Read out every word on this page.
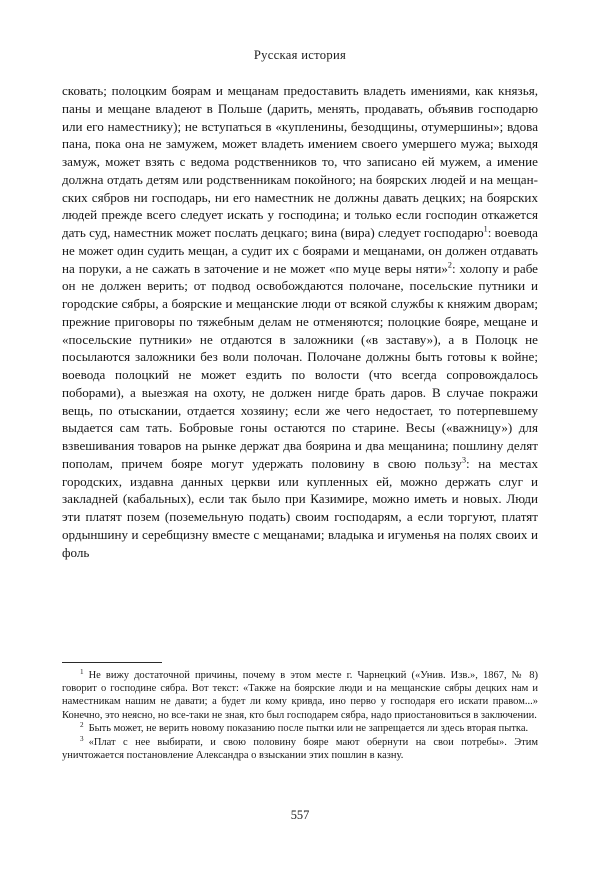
Русская история

сковать; полоцким боярам и мещанам предоставить владеть имениями, как князья, паны и мещане владеют в Польше (дарить, менять, продавать, объявив господарю или его наместнику); не вступаться в «купленины, безодщины, отумершины»; вдова пана, пока она не замужем, может владеть имением своего умершего мужа; выходя замуж, может взять с ведома родственников то, что записано ей мужем, а имение должна отдать детям или родственникам покойного; на боярских людей и на мещанских сябров ни господарь, ни его наместник не должны давать децких; на боярских людей прежде всего следует искать у господина; и только если господин откажется дать суд, наместник может послать децкаго; вина (вира) следует господарю$^1$: воевода не может один судить мещан, а судит их с боярами и мещанами, он должен отдавать на поруки, а не сажать в заточение и не может «по муце веры няти»$^2$: холопу и рабе он не должен верить; от подвод освобождаются полочане, посельские путники и городские сябры, а боярские и мещанские люди от всякой службы к княжим дворам; прежние приговоры по тяжебным делам не отменяются; полоцкие бояре, мещане и «посельские путники» не отдаются в заложники («в заставу»), а в Полоцк не посылаются заложники без воли полочан. Полочане должны быть готовы к войне; воевода полоцкий не может ездить по волости (что всегда сопровождалось поборами), а выезжая на охоту, не должен нигде брать даров. В случае покражи вещь, по отыскании, отдается хозяину; если же чего недостает, то потерпевшему выдается сам тать. Бобровые гоны остаются по старине. Весы («важницу») для взвешивания товаров на рынке держат два боярина и два мещанина; пошлину делят пополам, причем бояре могут удержать половину в свою пользу$^3$: на местах городских, издавна данных церкви или купленных ей, можно держать слуг и закладней (кабальных), если так было при Казимире, можно иметь и новых. Люди эти платят позем (поземельную подать) своим господарям, а если торгуют, платят ордыншину и серебщизну вместе с мещанами; владыка и игуменья на полях своих и фоль

$^1$ Не вижу достаточной причины, почему в этом месте г. Чарнецкий («Унив. Изв.», 1867, № 8) говорит о господине сябра. Вот текст: «Также на боярские люди и на мещанские сябры децких нам и наместникам нашим не давати; а будет ли кому кривда, ино перво у господаря его искати правом...» Конечно, это неясно, но все-таки не зная, кто был господарем сябра, надо приостановиться в заключении.

$^2$ Быть может, не верить новому показанию после пытки или не запрещается ли здесь вторая пытка.

$^3$ «Плат с нее выбирати, и свою половину бояре мают обернути на свои потребы». Этим уничтожается постановление Александра о взыскании этих пошлин в казну.

557
